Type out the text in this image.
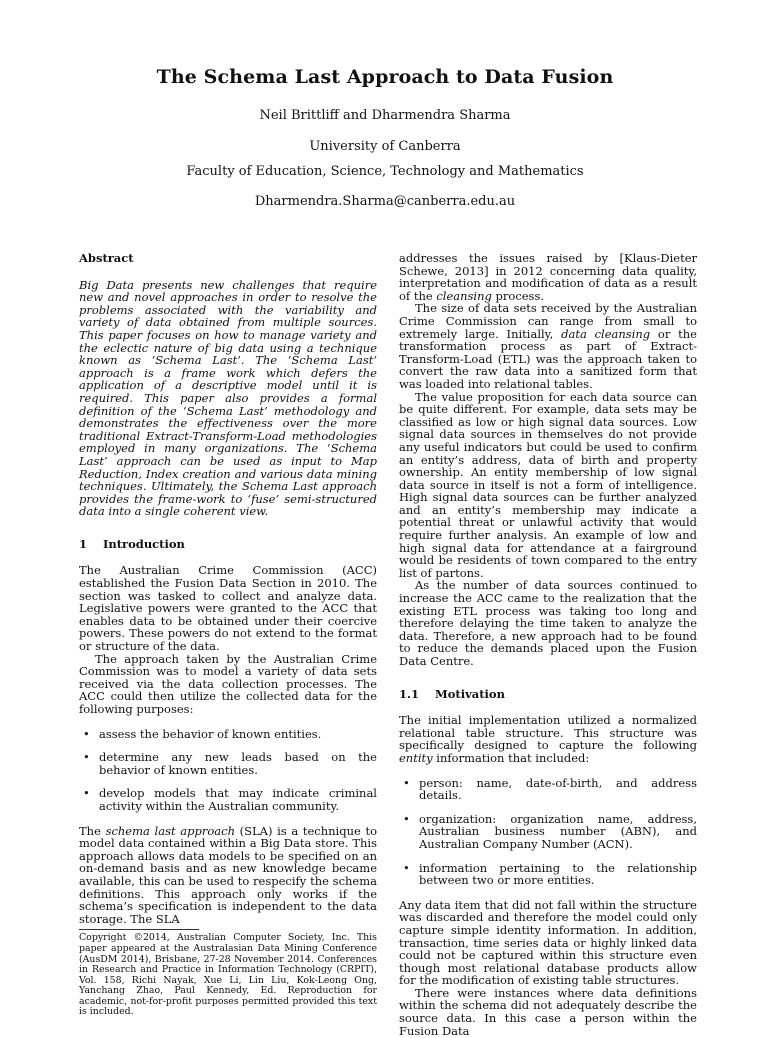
The Schema Last Approach to Data Fusion
Neil Brittliff and Dharmendra Sharma
University of Canberra
Faculty of Education, Science, Technology and Mathematics
Dharmendra.Sharma@canberra.edu.au
Abstract

Big Data presents new challenges that require new and novel approaches in order to resolve the problems associated with the variability and variety of data obtained from multiple sources. This paper focuses on how to manage variety and the eclectic nature of big data using a technique known as ‘Schema Last’. The ‘Schema Last’ approach is a frame work which defers the application of a descriptive model until it is required. This paper also provides a formal definition of the ‘Schema Last’ methodology and demonstrates the effectiveness over the more traditional Extract-Transform-Load methodologies employed in many organizations. The ‘Schema Last’ approach can be used as input to Map Reduction, Index creation and various data mining techniques. Ultimately, the Schema Last approach provides the frame-work to ‘fuse’ semi-structured data into a single coherent view.

1	Introduction

The Australian Crime Commission (ACC) established the Fusion Data Section in 2010. The section was tasked to collect and analyze data. Legislative powers were granted to the ACC that enables data to be obtained under their coercive powers. These powers do not extend to the format or structure of the data.

The approach taken by the Australian Crime Commission was to model a variety of data sets received via the data collection processes. The ACC could then utilize the collected data for the following purposes:

• assess the behavior of known entities.
• determine any new leads based on the behavior of known entities.
• develop models that may indicate criminal activity within the Australian community.

The schema last approach (SLA) is a technique to model data contained within a Big Data store. This approach allows data models to be specified on an on-demand basis and as new knowledge became available, this can be used to respecify the schema definitions. This approach only works if the schema’s specification is independent to the data storage. The SLA

Copyright ©2014, Australian Computer Society, Inc. This paper appeared at the Australasian Data Mining Conference (AusDM 2014), Brisbane, 27-28 November 2014. Conferences in Research and Practice in Information Technology (CRPIT), Vol. 158, Richi Nayak, Xue Li, Lin Liu, Kok-Leong Ong, Yanchang Zhao, Paul Kennedy, Ed. Reproduction for academic, not-for-profit purposes permitted provided this text is included.

addresses the issues raised by [Klaus-Dieter Schewe, 2013] in 2012 concerning data quality, interpretation and modification of data as a result of the cleansing process.

The size of data sets received by the Australian Crime Commission can range from small to extremely large. Initially, data cleansing or the transformation process as part of Extract-Transform-Load (ETL) was the approach taken to convert the raw data into a sanitized form that was loaded into relational tables.

The value proposition for each data source can be quite different. For example, data sets may be classified as low or high signal data sources. Low signal data sources in themselves do not provide any useful indicators but could be used to confirm an entity’s address, data of birth and property ownership. An entity membership of low signal data source in itself is not a form of intelligence. High signal data sources can be further analyzed and an entity’s membership may indicate a potential threat or unlawful activity that would require further analysis. An example of low and high signal data for attendance at a fairground would be residents of town compared to the entry list of partons.

As the number of data sources continued to increase the ACC came to the realization that the existing ETL process was taking too long and therefore delaying the time taken to analyze the data. Therefore, a new approach had to be found to reduce the demands placed upon the Fusion Data Centre.

1.1	Motivation

The initial implementation utilized a normalized relational table structure. This structure was specifically designed to capture the following entity information that included:

• person: name, date-of-birth, and address details.
• organization: organization name, address, Australian business number (ABN), and Australian Company Number (ACN).
• information pertaining to the relationship between two or more entities.

Any data item that did not fall within the structure was discarded and therefore the model could only capture simple identity information. In addition, transaction, time series data or highly linked data could not be captured within this structure even though most relational database products allow for the modification of existing table structures.

There were instances where data definitions within the schema did not adequately describe the source data. In this case a person within the Fusion Data
